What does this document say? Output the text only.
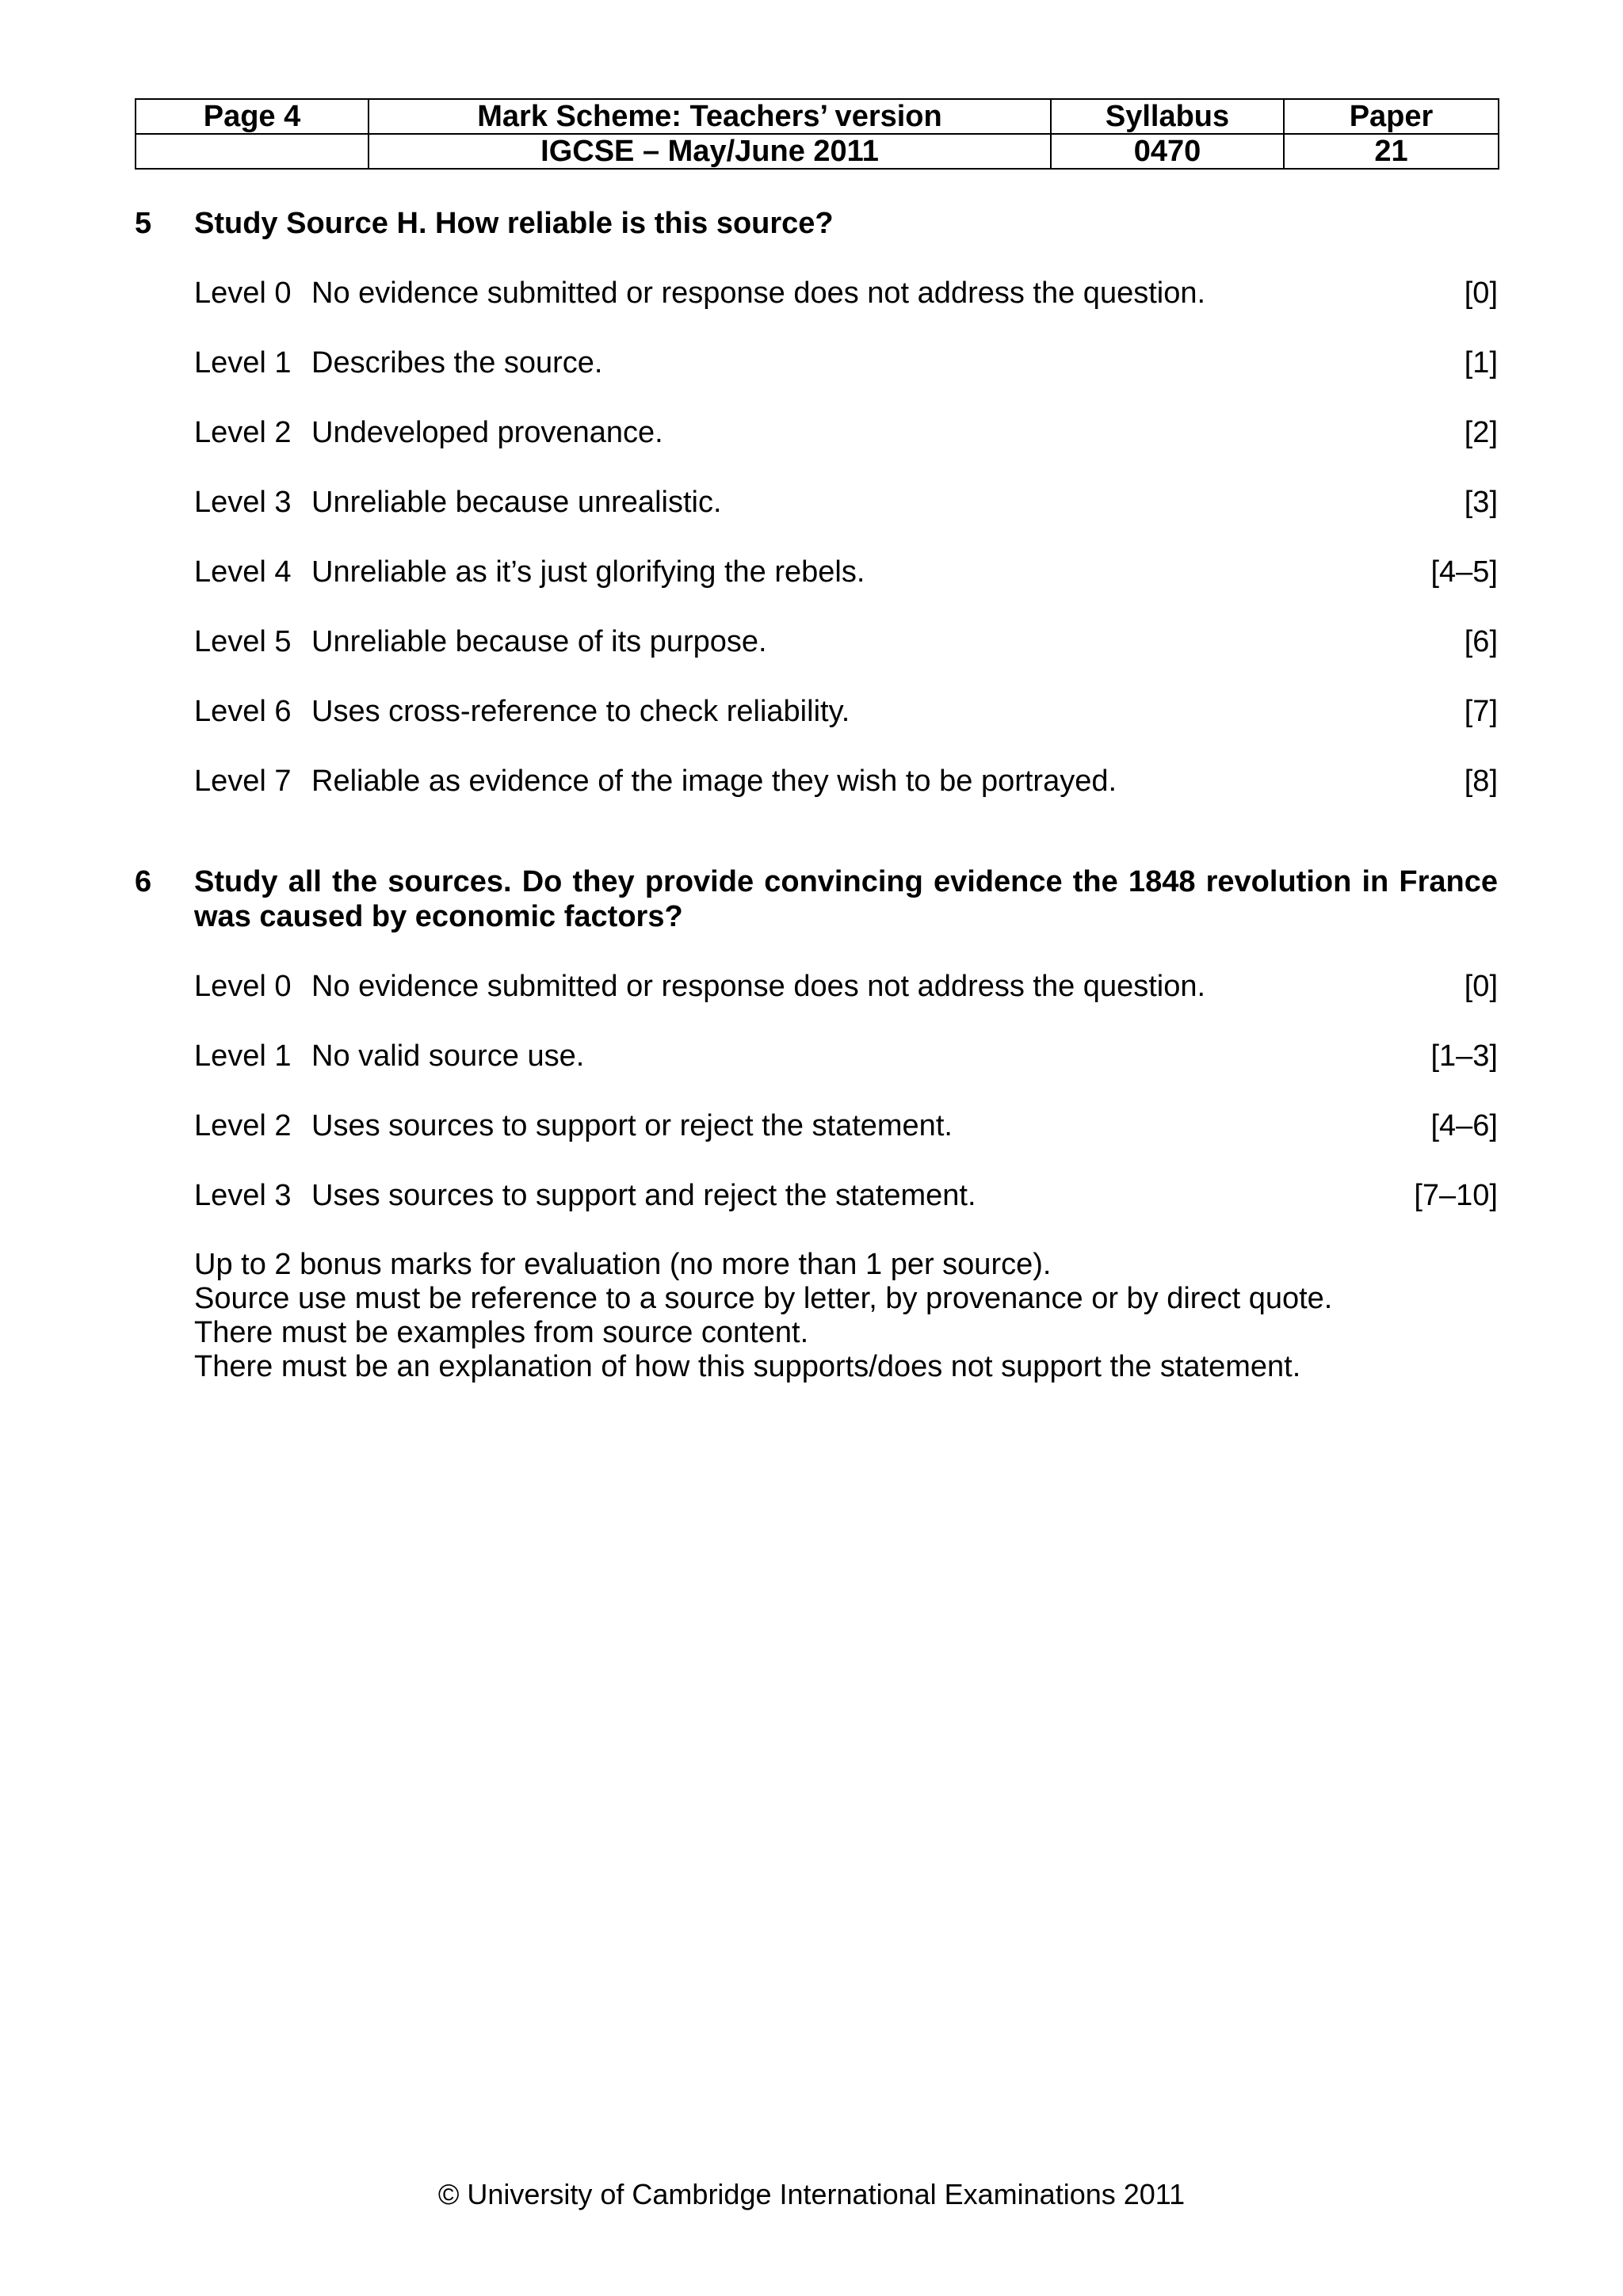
Page 4	Mark Scheme: Teachers’ version	Syllabus	Paper
	IGCSE – May/June 2011	0470	21
5	Study Source H. How reliable is this source?
Level 0 No evidence submitted or response does not address the question.	[0]
Level 1 Describes the source.	[1]
Level 2 Undeveloped provenance.	[2]
Level 3 Unreliable because unrealistic.	[3]
Level 4 Unreliable as it’s just glorifying the rebels.	[4–5]
Level 5 Unreliable because of its purpose.	[6]
Level 6 Uses cross-reference to check reliability.	[7]
Level 7 Reliable as evidence of the image they wish to be portrayed.	[8]
6	Study all the sources. Do they provide convincing evidence the 1848 revolution in France was caused by economic factors?
Level 0 No evidence submitted or response does not address the question.	[0]
Level 1 No valid source use.	[1–3]
Level 2 Uses sources to support or reject the statement.	[4–6]
Level 3 Uses sources to support and reject the statement.	[7–10]
Up to 2 bonus marks for evaluation (no more than 1 per source).
Source use must be reference to a source by letter, by provenance or by direct quote.
There must be examples from source content.
There must be an explanation of how this supports/does not support the statement.
© University of Cambridge International Examinations 2011
